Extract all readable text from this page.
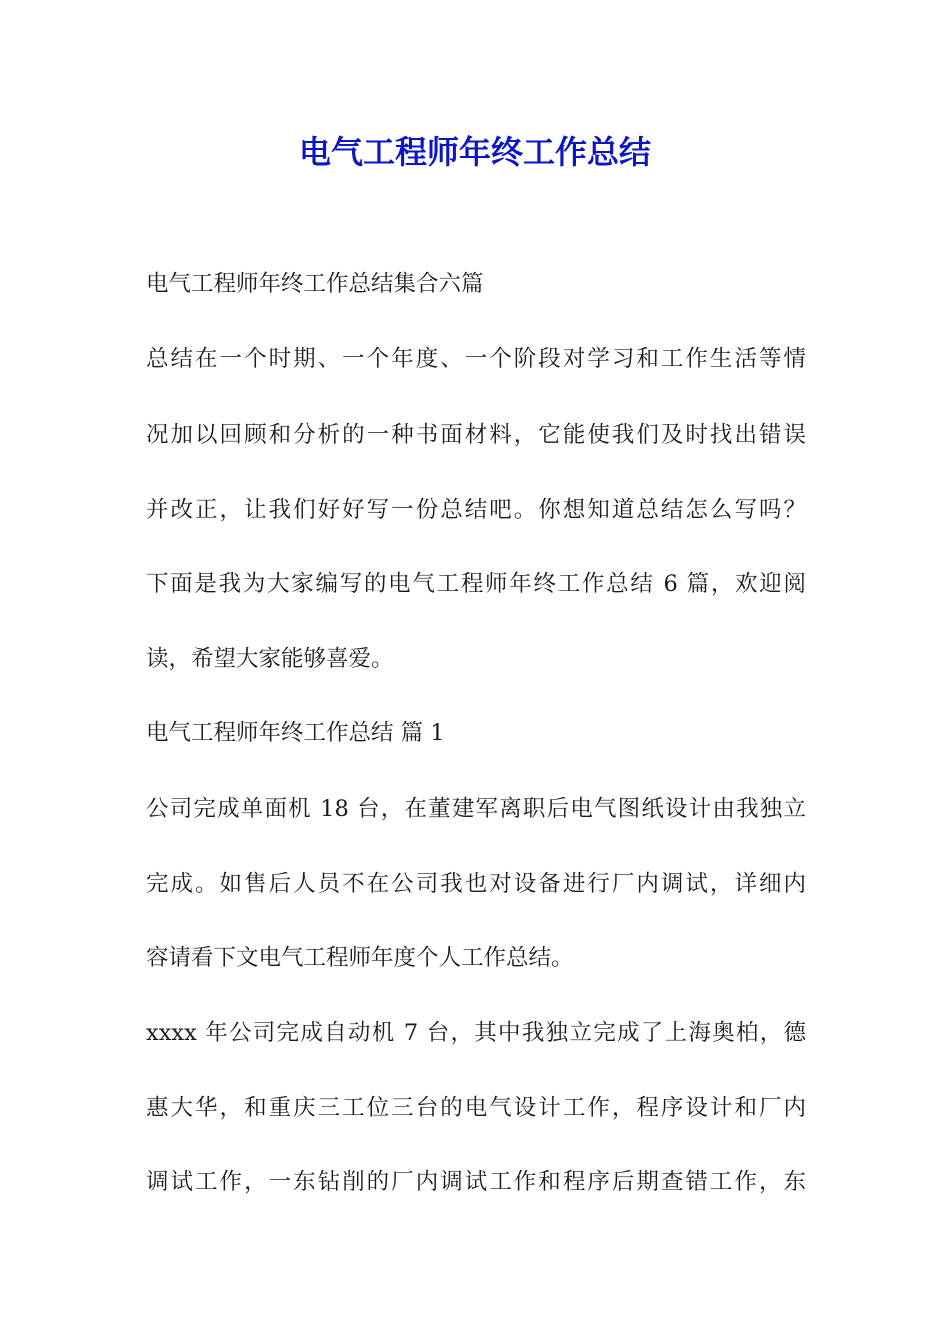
电气工程师年终工作总结

电气工程师年终工作总结集合六篇

总结在一个时期、一个年度、一个阶段对学习和工作生活等情

况加以回顾和分析的一种书面材料，它能使我们及时找出错误

并改正，让我们好好写一份总结吧。你想知道总结怎么写吗？

下面是我为大家编写的电气工程师年终工作总结 6 篇，欢迎阅

读，希望大家能够喜爱。

电气工程师年终工作总结 篇 1

公司完成单面机 18 台，在董建军离职后电气图纸设计由我独立

完成。如售后人员不在公司我也对设备进行厂内调试，详细内

容请看下文电气工程师年度个人工作总结。

xxxx 年公司完成自动机 7 台，其中我独立完成了上海奥柏，德

惠大华，和重庆三工位三台的电气设计工作，程序设计和厂内

调试工作，一东钻削的厂内调试工作和程序后期查错工作，东
